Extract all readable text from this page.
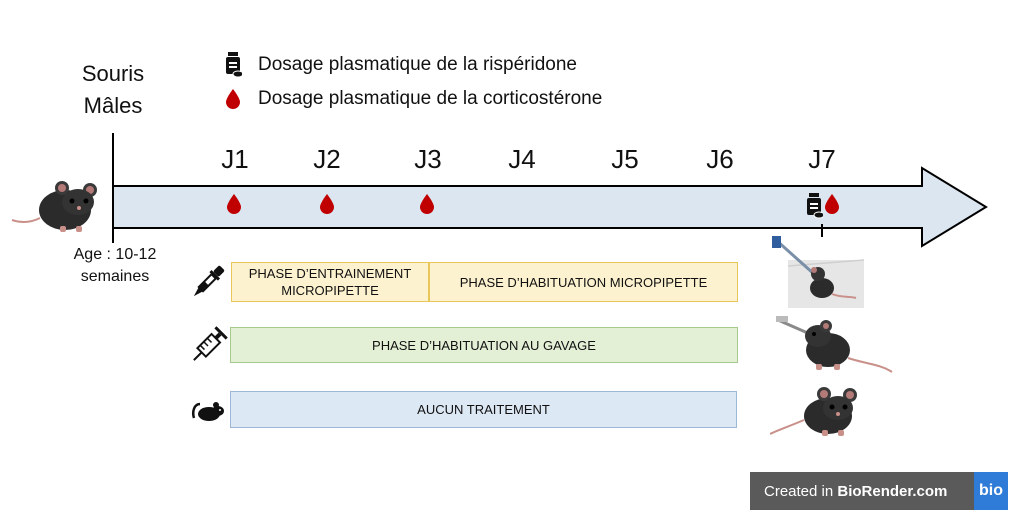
Souris
Mâles
Dosage plasmatique de la rispéridone
Dosage plasmatique de la corticostérone
J1	J2	J3	J4	J5	J6	J7
Age : 10-12
semaines	PHASE D’ENTRAINEMENT MICROPIPETTE
PHASE D’HABITUATION MICROPIPETTE
PHASE D’HABITUATION AU GAVAGE
AUCUN TRAITEMENT
Created in BioRender.com	bio
